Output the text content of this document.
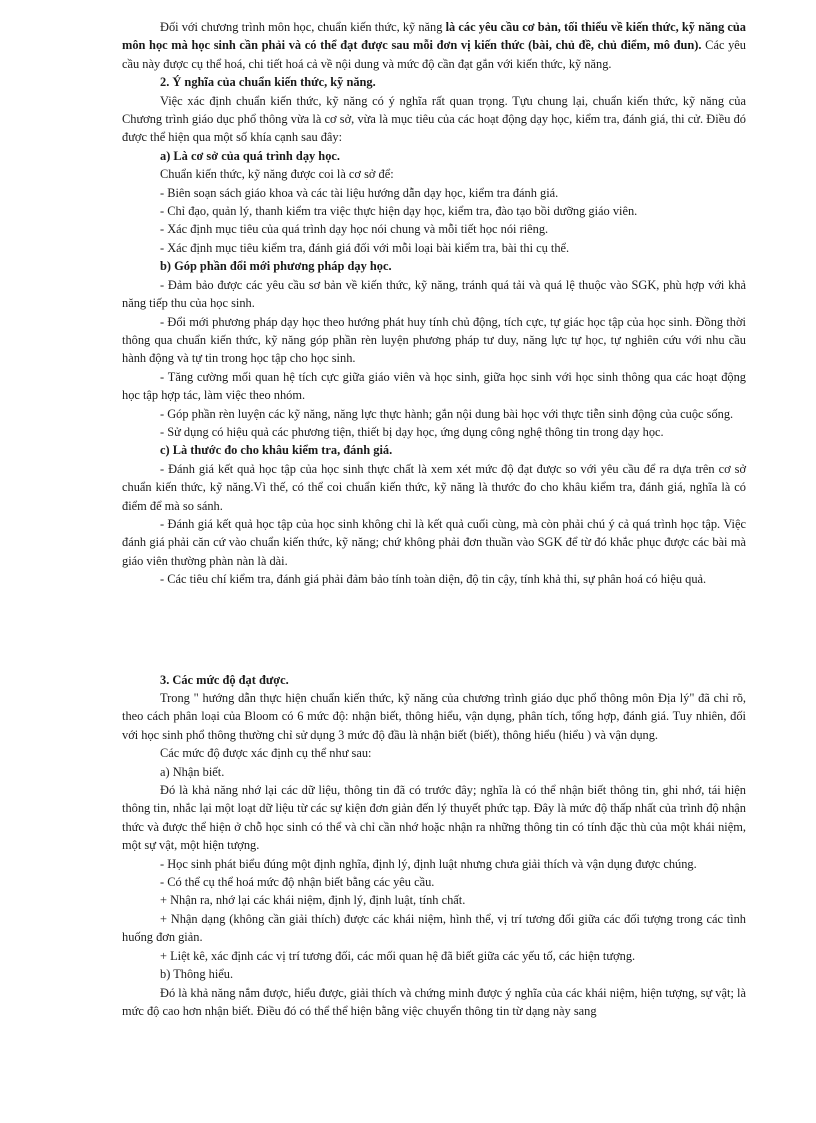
Đối với chương trình môn học, chuẩn kiến thức, kỹ năng là các yêu cầu cơ bản, tối thiểu về kiến thức, kỹ năng của môn học mà học sinh cần phải và có thể đạt được sau mỗi đơn vị kiến thức (bài, chủ đề, chủ điểm, mô đun). Các yêu cầu này được cụ thể hoá, chi tiết hoá cả về nội dung và mức độ cần đạt gắn với kiến thức, kỹ năng.

2. Ý nghĩa của chuẩn kiến thức, kỹ năng.

Việc xác định chuẩn kiến thức, kỹ năng có ý nghĩa rất quan trọng. Tựu chung lại, chuẩn kiến thức, kỹ năng của Chương trình giáo dục phổ thông vừa là cơ sở, vừa là mục tiêu của các hoạt động dạy học, kiểm tra, đánh giá, thi cử. Điều đó được thể hiện qua một số khía cạnh sau đây:

a) Là cơ sở của quá trình dạy học.

Chuẩn kiến thức, kỹ năng được coi là cơ sở để:

- Biên soạn sách giáo khoa và các tài liệu hướng dẫn dạy học, kiểm tra đánh giá.

- Chỉ đạo, quản lý, thanh kiểm tra việc thực hiện dạy học, kiểm tra, đào tạo bồi dưỡng giáo viên.

- Xác định mục tiêu của quá trình dạy học nói chung và mỗi tiết học nói riêng.

- Xác định mục tiêu kiểm tra, đánh giá đối với mỗi loại bài kiểm tra, bài thi cụ thể.

b) Góp phần đổi mới phương pháp dạy học.

- Đảm bảo được các yêu cầu sơ bản về kiến thức, kỹ năng, tránh quá tải và quá lệ thuộc vào SGK, phù hợp với khả năng tiếp thu của học sinh.

- Đổi mới phương pháp dạy học theo hướng phát huy tính chủ động, tích cực, tự giác học tập của học sinh. Đồng thời thông qua chuẩn kiến thức, kỹ năng góp phần rèn luyện phương pháp tư duy, năng lực tự học, tự nghiên cứu với nhu cầu hành động và tự tin trong học tập cho học sinh.

- Tăng cường mối quan hệ tích cực giữa giáo viên và học sinh, giữa học sinh với học sinh thông qua các hoạt động học tập hợp tác, làm việc theo nhóm.

- Góp phần rèn luyện các kỹ năng, năng lực thực hành; gắn nội dung bài học với thực tiễn sinh động của cuộc sống.

- Sử dụng có hiệu quả các phương tiện, thiết bị dạy học, ứng dụng công nghệ thông tin trong dạy học.

c) Là thước đo cho khâu kiểm tra, đánh giá.

- Đánh giá kết quả học tập của học sinh thực chất là xem xét mức độ đạt được so với yêu cầu để ra dựa trên cơ sở chuẩn kiến thức, kỹ năng.Vì thế, có thể coi chuẩn kiến thức, kỹ năng là thước đo cho khâu kiểm tra, đánh giá, nghĩa là có điểm để mà so sánh.

- Đánh giá kết quả học tập của học sinh không chỉ là kết quả cuối cùng, mà còn phải chú ý cả quá trình học tập. Việc đánh giá phải căn cứ vào chuẩn kiến thức, kỹ năng; chứ không phải đơn thuần vào SGK để từ đó khắc phục được các bài mà giáo viên thường phàn nàn là dài.

- Các tiêu chí kiểm tra, đánh giá phải đảm bảo tính toàn diện, độ tin cậy, tính khả thi, sự phân hoá có hiệu quả.

3. Các mức độ đạt được.

Trong " hướng dẫn thực hiện chuẩn kiến thức, kỹ năng của chương trình giáo dục phổ thông môn Địa lý" đã chỉ rõ, theo cách phân loại của Bloom có 6 mức độ: nhận biết, thông hiểu, vận dụng, phân tích, tổng hợp, đánh giá. Tuy nhiên, đối với học sinh phổ thông thường chỉ sử dụng 3 mức độ đầu là nhận biết (biết), thông hiểu (hiểu ) và vận dụng.

Các mức độ được xác định cụ thể như sau:

a) Nhận biết.

Đó là khả năng nhớ lại các dữ liệu, thông tin đã có trước đây; nghĩa là có thể nhận biết thông tin, ghi nhớ, tái hiện thông tin, nhắc lại một loạt dữ liệu từ các sự kiện đơn giản đến lý thuyết phức tạp. Đây là mức độ thấp nhất của trình độ nhận thức và được thể hiện ở chỗ học sinh có thể và chỉ cần nhớ hoặc nhận ra những thông tin có tính đặc thù của một khái niệm, một sự vật, một hiện tượng.

- Học sinh phát biểu đúng một định nghĩa, định lý, định luật nhưng chưa giải thích và vận dụng được chúng.

- Có thể cụ thể hoá mức độ nhận biết bằng các yêu cầu.

+ Nhận ra, nhớ lại các khái niệm, định lý, định luật, tính chất.

+ Nhận dạng (không cần giải thích) được các khái niệm, hình thể, vị trí tương đối giữa các đối tượng trong các tình huống đơn giản.

+ Liệt kê, xác định các vị trí tương đối, các mối quan hệ đã biết giữa các yếu tố, các hiện tượng.

b) Thông hiểu.

Đó là khả năng nắm được, hiểu được, giải thích và chứng minh được ý nghĩa của các khái niệm, hiện tượng, sự vật; là mức độ cao hơn nhận biết. Điều đó có thể thể hiện bằng việc chuyển thông tin từ dạng này sang
